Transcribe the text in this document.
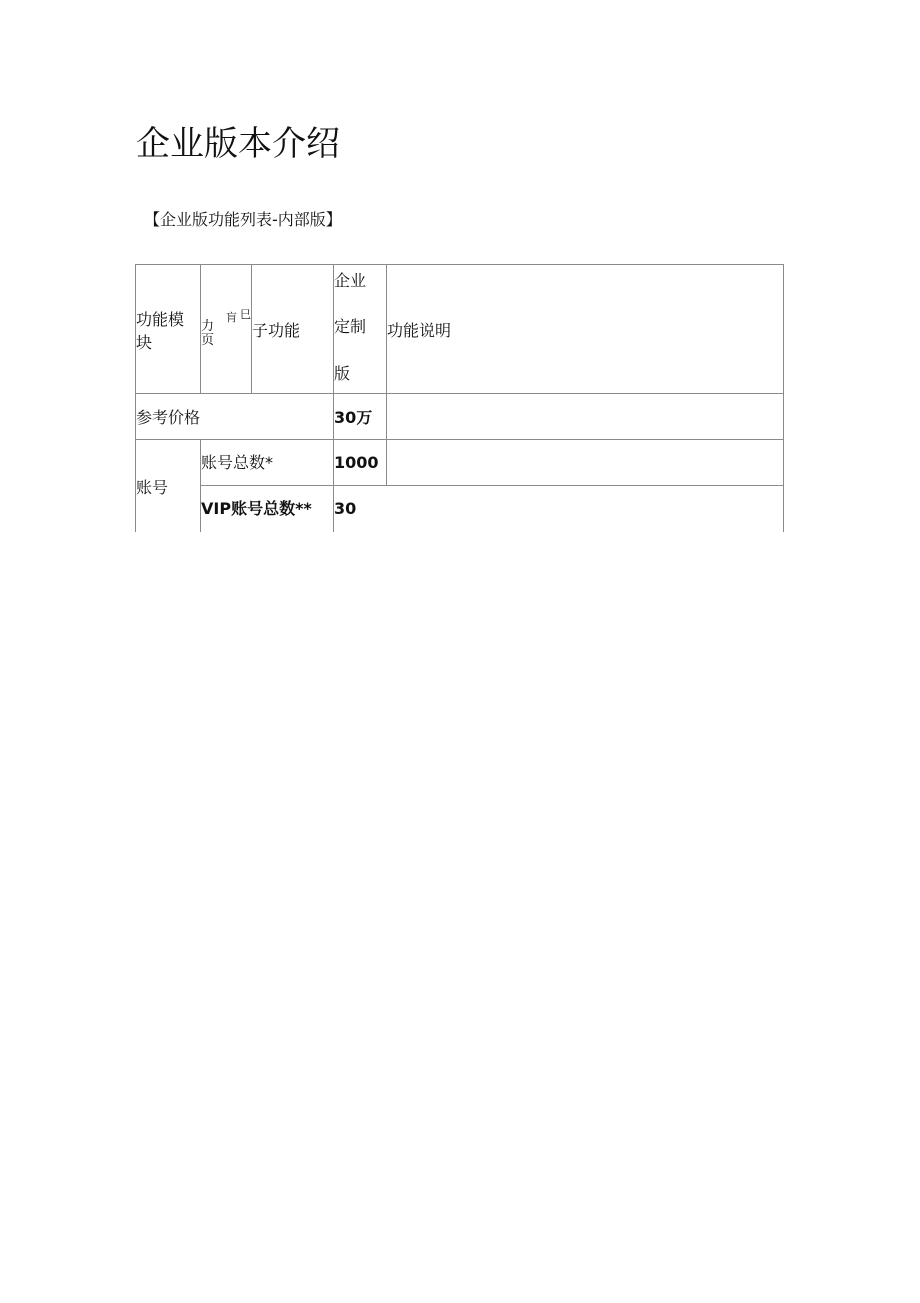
企业版本介绍
【企业版功能列表-内部版】
功能模
块
力
页
肓 ⺒
子功能
企业
定制
版
功能说明
参考价格	30万
账号
账号总数*	1000
VIP账号总数** 30
